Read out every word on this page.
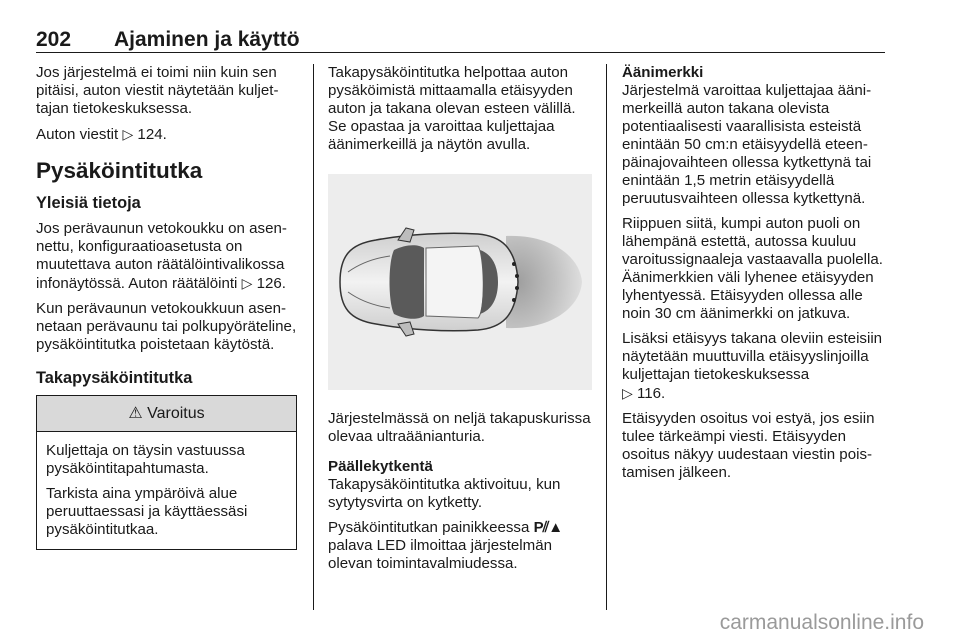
202 Ajaminen ja käyttö

Jos järjestelmä ei toimi niin kuin sen pitäisi, auton viestit näytetään kuljettajan tietokeskuksessa.

Auton viestit ▷ 124.

Pysäköintitutka
Yleisiä tietoja

Jos perävaunun vetokoukku on asennettu, konfiguraatioasetusta on muutettava auton räätälöintivalikossa infonäytössä. Auton räätälöinti ▷ 126.

Kun perävaunun vetokoukkuun asennetaan perävaunu tai polkupyöräteline, pysäköintitutka poistetaan käytöstä.

Takapysäköintitutka
⚠ Varoitus

Kuljettaja on täysin vastuussa pysäköintitapahtumasta.

Tarkista aina ympäröivä alue peruuttaessasi ja käyttäessäsi pysäköintitutkaa.

Takapysäköintitutka helpottaa auton pysäköimistä mittaamalla etäisyyden auton ja takana olevan esteen välillä. Se opastaa ja varoittaa kuljettajaa äänimerkeillä ja näytön avulla.

Järjestelmässä on neljä takapuskurissa olevaa ultraäänianturia.

Päällekytkentä

Takapysäköintitutka aktivoituu, kun sytytysvirta on kytketty.

Pysäköintitutkan painikkeessa P⫽▲ palava LED ilmoittaa järjestelmän olevan toimintavalmiudessa.

Äänimerkki

Järjestelmä varoittaa kuljettajaa äänimerkeillä auton takana olevista potentiaalisesti vaarallisista esteistä enintään 50 cm:n etäisyydellä eteenpäinajovaihteen ollessa kytkettynä tai enintään 1,5 metrin etäisyydellä peruutusvaihteen ollessa kytkettynä.

Riippuen siitä, kumpi auton puoli on lähempänä estettä, autossa kuuluu varoitussignaaleja vastaavalla puolella. Äänimerkkien väli lyhenee etäisyyden lyhentyessä. Etäisyyden ollessa alle noin 30 cm äänimerkki on jatkuva.

Lisäksi etäisyys takana oleviin esteisiin näytetään muuttuvilla etäisyyslinjoilla kuljettajan tietokeskuksessa
▷ 116.

Etäisyyden osoitus voi estyä, jos esiin tulee tärkeämpi viesti. Etäisyyden osoitus näkyy uudestaan viestin poistamisen jälkeen.

carmanualsonline.info
